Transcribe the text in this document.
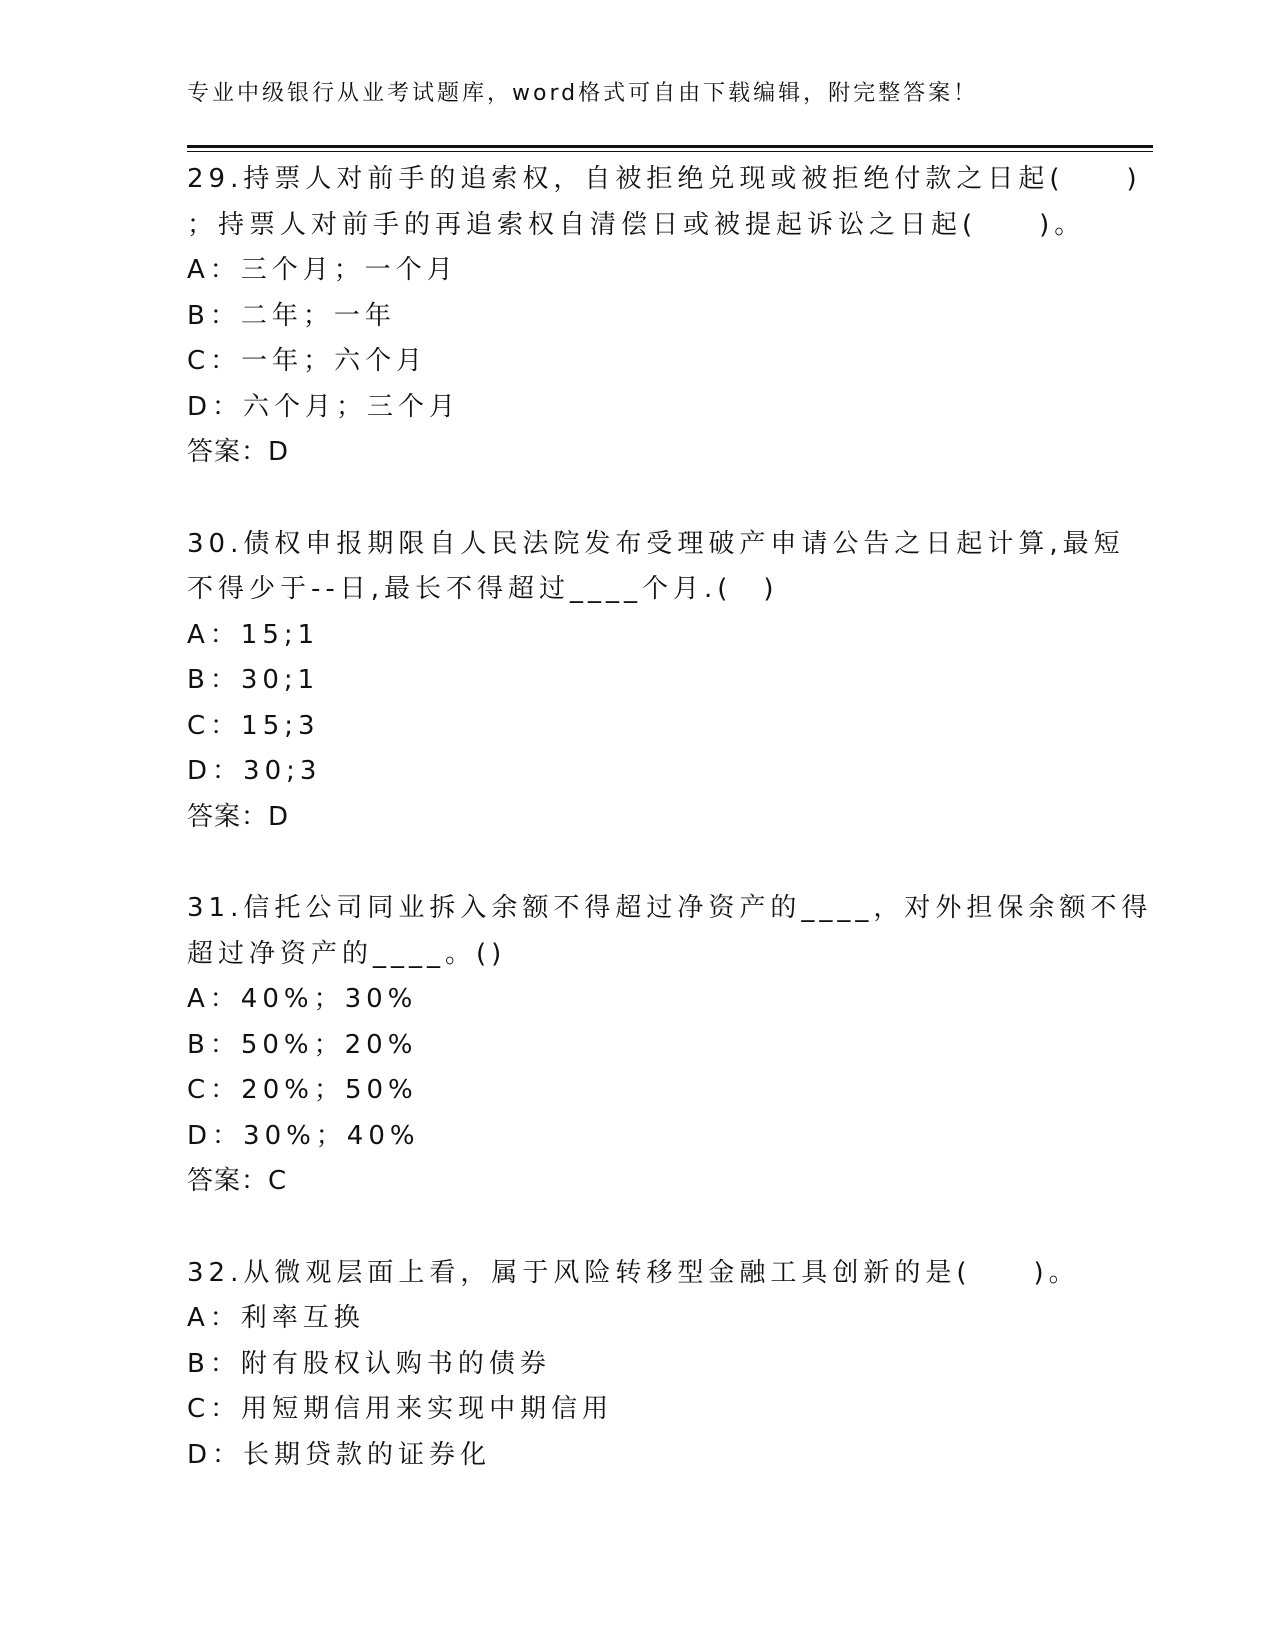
专业中级银行从业考试题库，word格式可自由下载编辑，附完整答案！
29.持票人对前手的追索权，自被拒绝兑现或被拒绝付款之日起(　　)
；持票人对前手的再追索权自清偿日或被提起诉讼之日起(　　)。
A：三个月；一个月
B：二年；一年
C：一年；六个月
D：六个月；三个月
答案：D
30.债权申报期限自人民法院发布受理破产申请公告之日起计算,最短
不得少于--日,最长不得超过____个月.(　)
A：15;1
B：30;1
C：15;3
D：30;3
答案：D
31.信托公司同业拆入余额不得超过净资产的____，对外担保余额不得
超过净资产的____。()
A：40%；30%
B：50%；20%
C：20%；50%
D：30%；40%
答案：C
32.从微观层面上看，属于风险转移型金融工具创新的是(　　)。
A：利率互换
B：附有股权认购书的债券
C：用短期信用来实现中期信用
D：长期贷款的证券化
